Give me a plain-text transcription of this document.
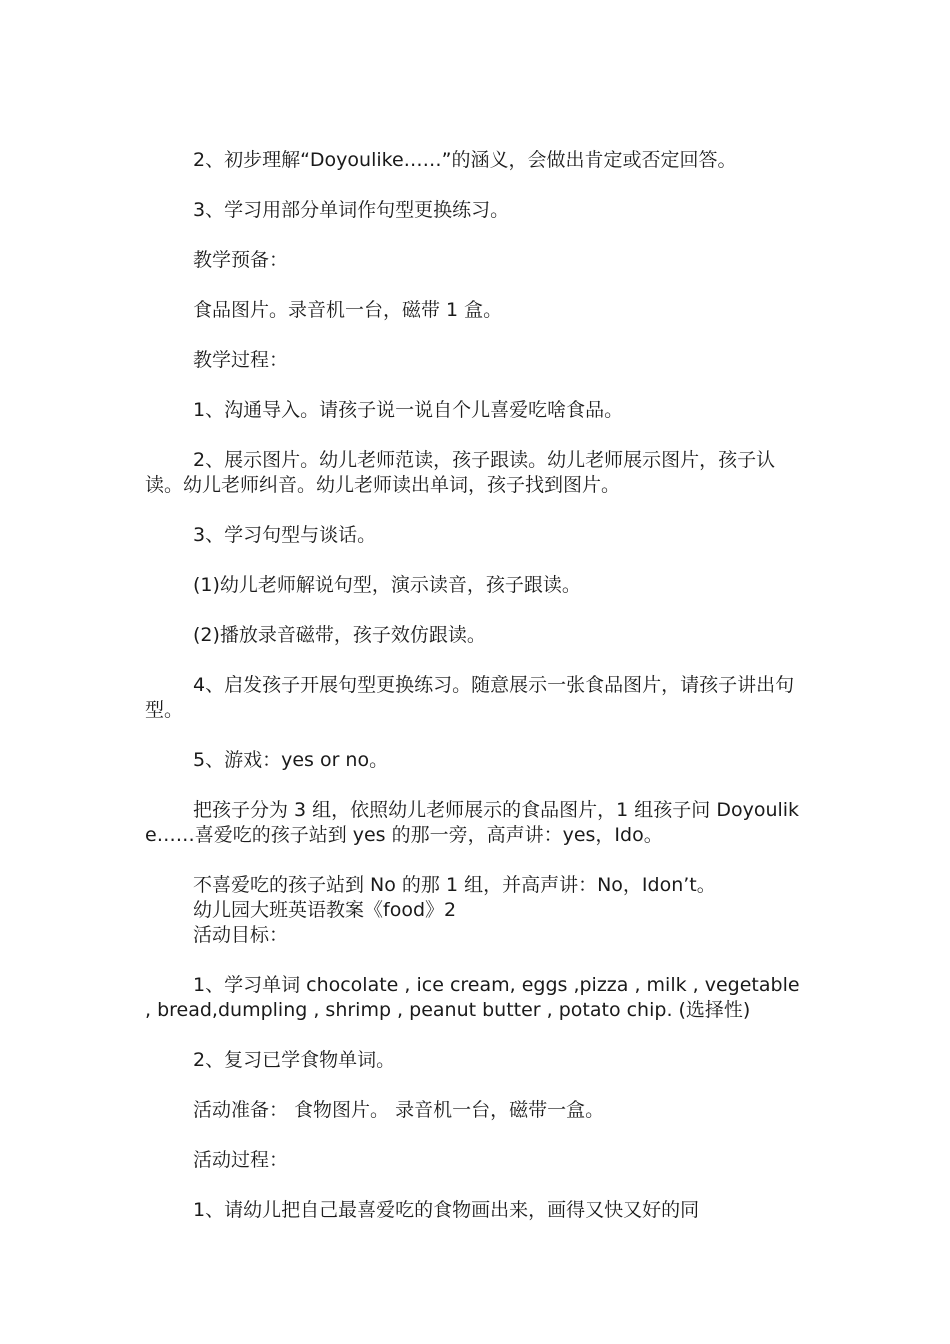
2、初步理解“Doyoulike……”的涵义，会做出肯定或否定回答。

3、学习用部分单词作句型更换练习。

教学预备：

食品图片。录音机一台，磁带 1 盒。

教学过程：

1、沟通导入。请孩子说一说自个儿喜爱吃啥食品。

2、展示图片。幼儿老师范读，孩子跟读。幼儿老师展示图片，孩子认读。幼儿老师纠音。幼儿老师读出单词，孩子找到图片。

3、学习句型与谈话。

(1)幼儿老师解说句型，演示读音，孩子跟读。

(2)播放录音磁带，孩子效仿跟读。

4、启发孩子开展句型更换练习。随意展示一张食品图片，请孩子讲出句型。

5、游戏：yes or no。

把孩子分为 3 组，依照幼儿老师展示的食品图片，1 组孩子问 Doyoulike……喜爱吃的孩子站到 yes 的那一旁，高声讲：yes，Ido。

不喜爱吃的孩子站到 No 的那 1 组，并高声讲：No，Idon’t。

幼儿园大班英语教案《food》2

活动目标：

1、学习单词 chocolate , ice cream, eggs ,pizza , milk , vegetable , bread,dumpling , shrimp , peanut butter , potato chip. (选择性)

2、复习已学食物单词。

活动准备： 食物图片。 录音机一台，磁带一盒。

活动过程：

1、请幼儿把自己最喜爱吃的食物画出来，画得又快又好的同
